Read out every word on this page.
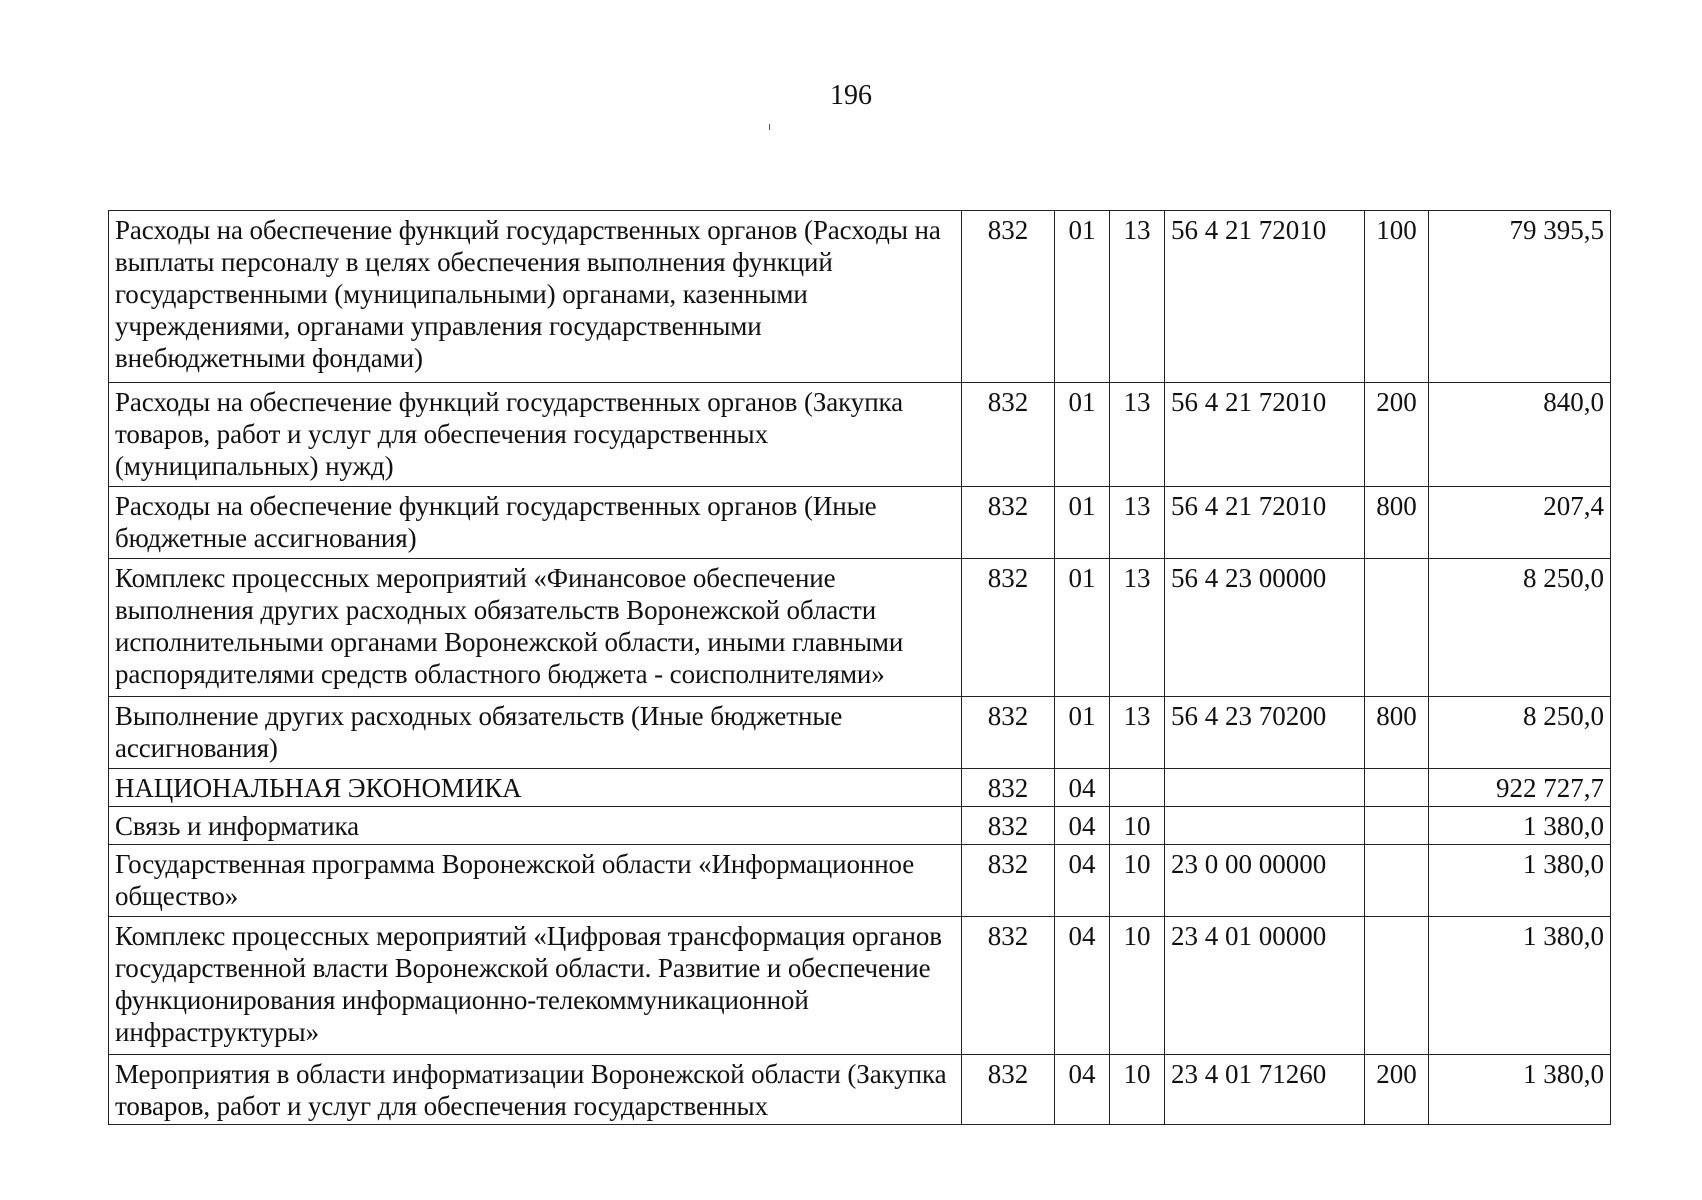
196
Расходы на обеспечение функций государственных органов (Расходы на выплаты персоналу в целях обеспечения выполнения функций государственными (муниципальными) органами, казенными учреждениями, органами управления государственными внебюджетными фондами)	832	01	13	56 4 21 72010	100	79 395,5
Расходы на обеспечение функций государственных органов (Закупка товаров, работ и услуг для обеспечения государственных (муниципальных) нужд)	832	01	13	56 4 21 72010	200	840,0
Расходы на обеспечение функций государственных органов (Иные бюджетные ассигнования)	832	01	13	56 4 21 72010	800	207,4
Комплекс процессных мероприятий «Финансовое обеспечение выполнения других расходных обязательств Воронежской области исполнительными органами Воронежской области, иными главными распорядителями средств областного бюджета - соисполнителями»	832	01	13	56 4 23 00000		8 250,0
Выполнение других расходных обязательств (Иные бюджетные ассигнования)	832	01	13	56 4 23 70200	800	8 250,0
НАЦИОНАЛЬНАЯ ЭКОНОМИКА	832	04				922 727,7
Связь и информатика	832	04	10			1 380,0
Государственная программа Воронежской области «Информационное общество»	832	04	10	23 0 00 00000		1 380,0
Комплекс процессных мероприятий «Цифровая трансформация органов государственной власти Воронежской области. Развитие и обеспечение функционирования информационно-телекоммуникационной инфраструктуры»	832	04	10	23 4 01 00000		1 380,0
Мероприятия в области информатизации Воронежской области (Закупка товаров, работ и услуг для обеспечения государственных	832	04	10	23 4 01 71260	200	1 380,0
